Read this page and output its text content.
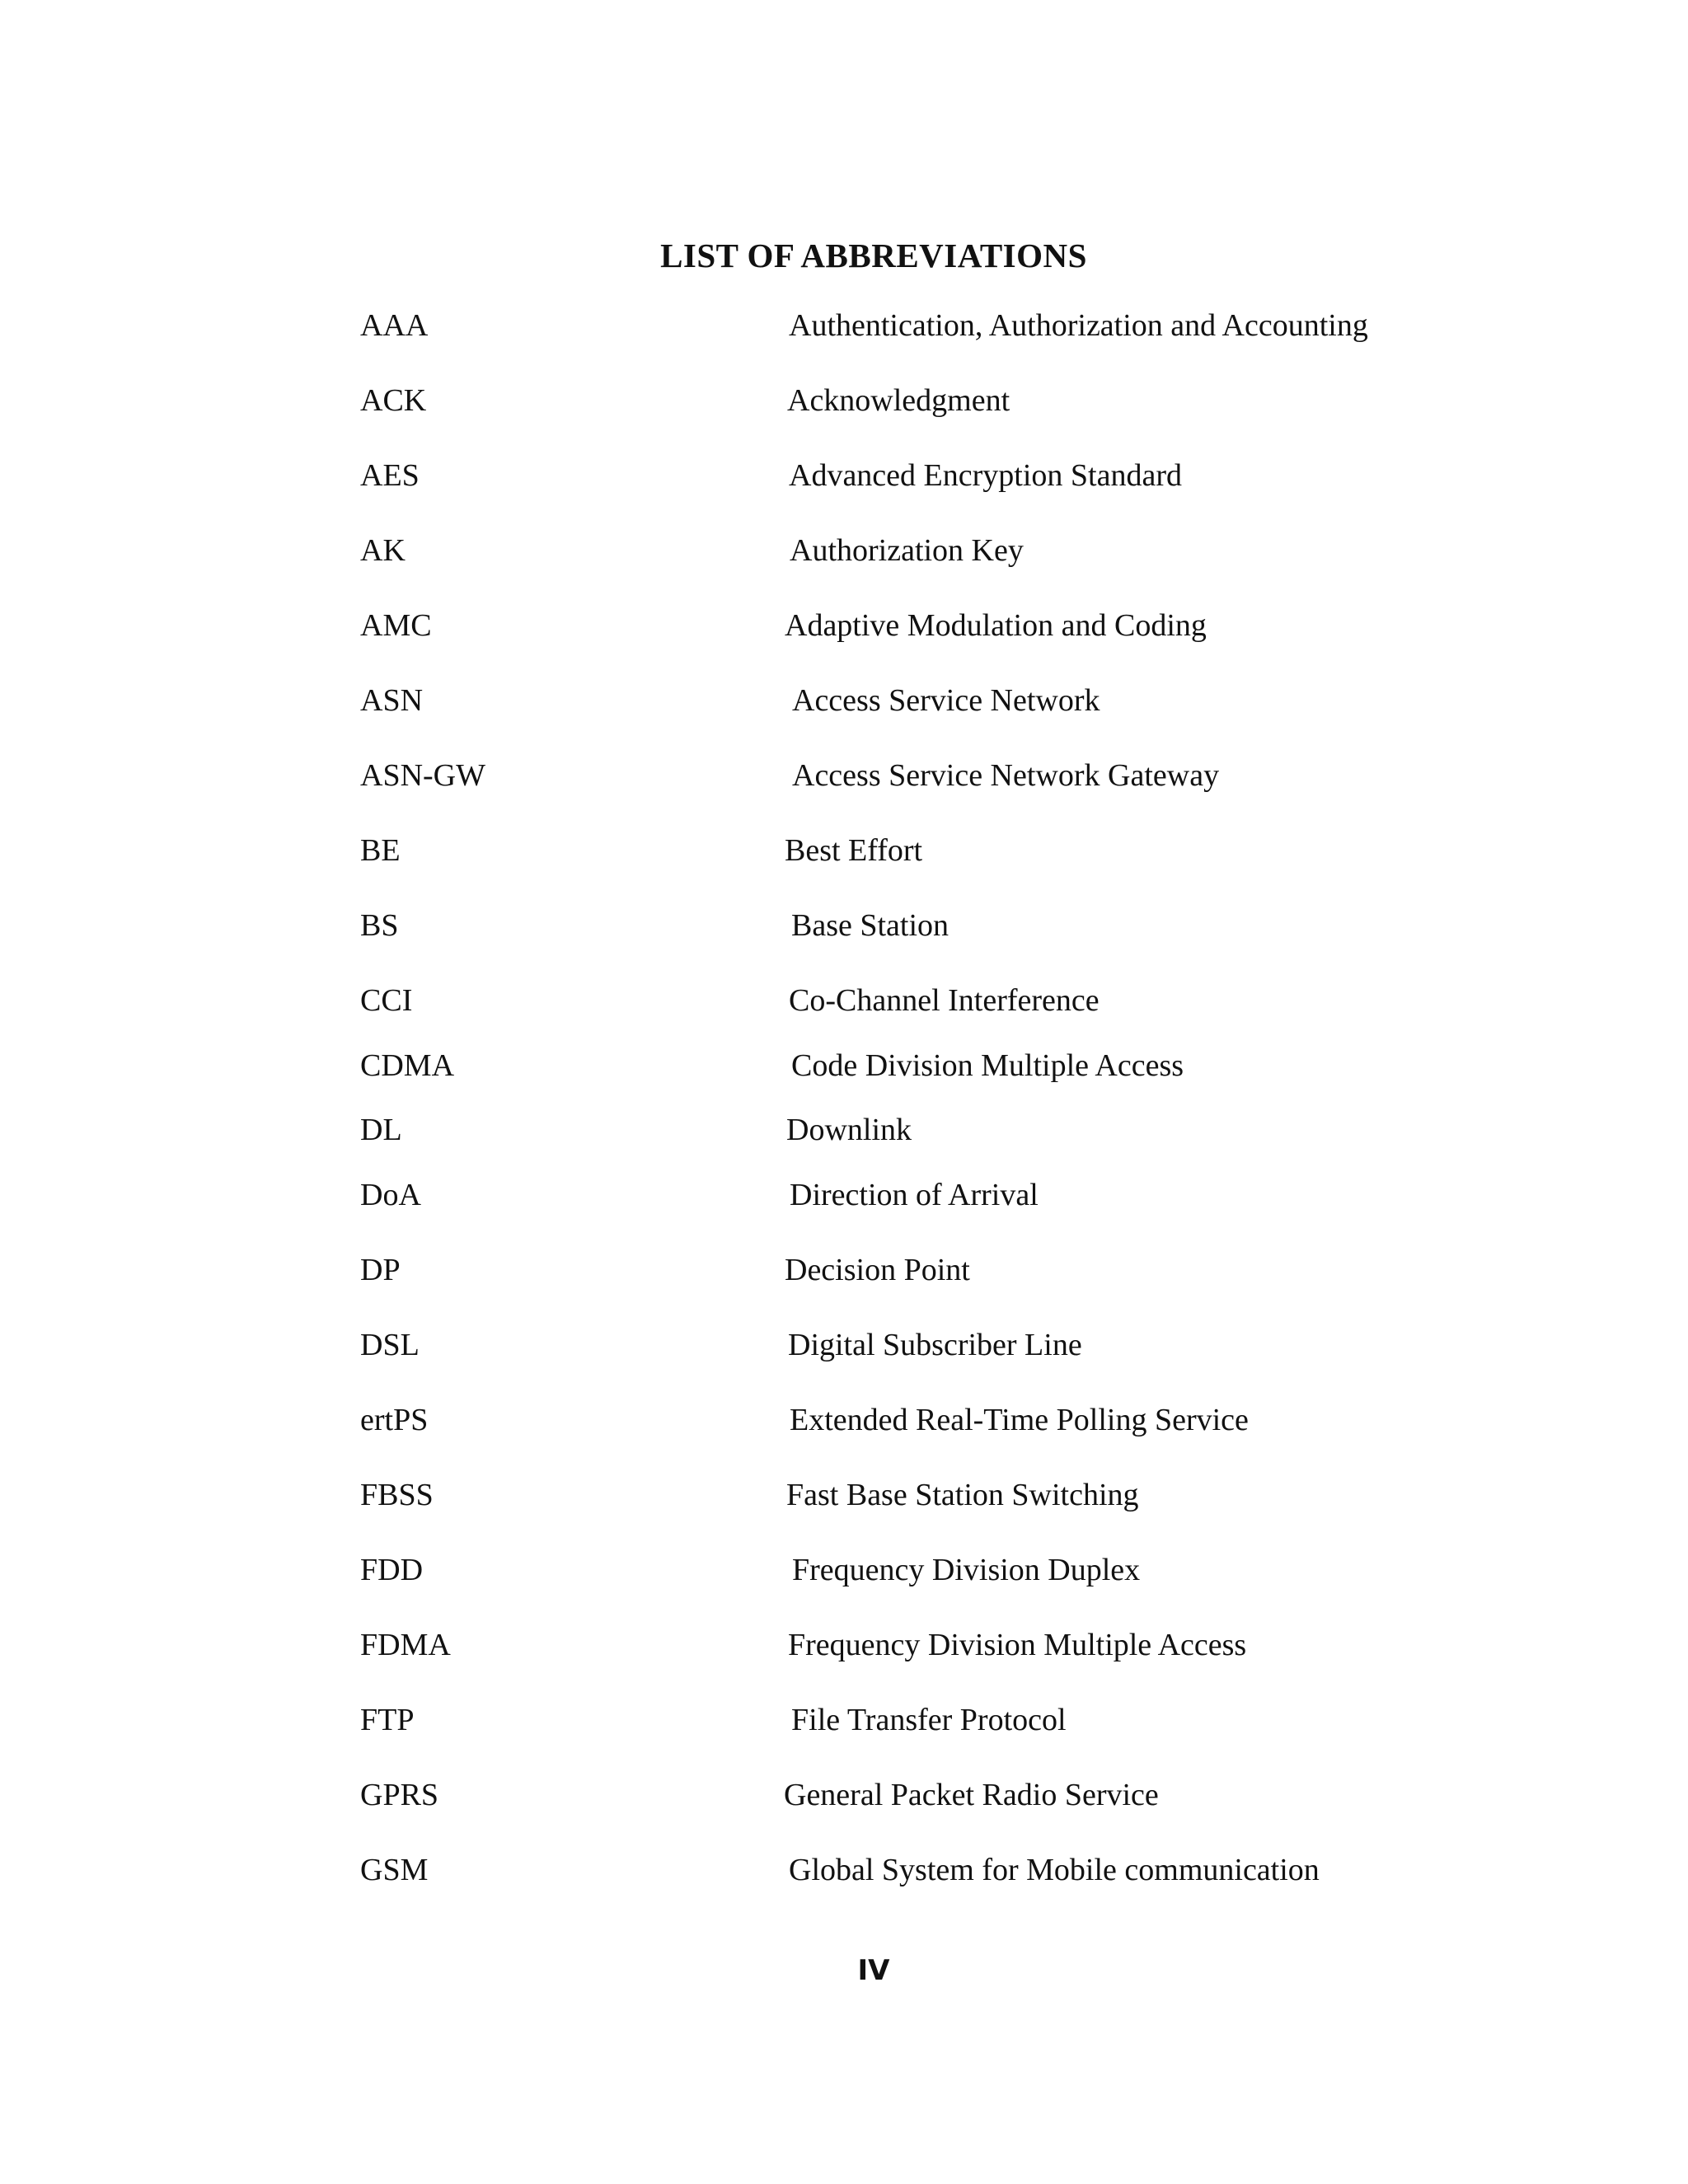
LIST OF ABBREVIATIONS
AAA	Authentication, Authorization and Accounting
ACK	Acknowledgment
AES	Advanced Encryption Standard
AK	Authorization Key
AMC	Adaptive Modulation and Coding
ASN	Access Service Network
ASN-GW	Access Service Network Gateway
BE	Best Effort
BS	Base Station
CCI	Co-Channel Interference
CDMA	Code Division Multiple Access
DL	Downlink
DoA	Direction of Arrival
DP	Decision Point
DSL	Digital Subscriber Line
ertPS	Extended Real-Time Polling Service
FBSS	Fast Base Station Switching
FDD	Frequency Division Duplex
FDMA	Frequency Division Multiple Access
FTP	File Transfer Protocol
GPRS	General Packet Radio Service
GSM	Global System for Mobile communication
IV
